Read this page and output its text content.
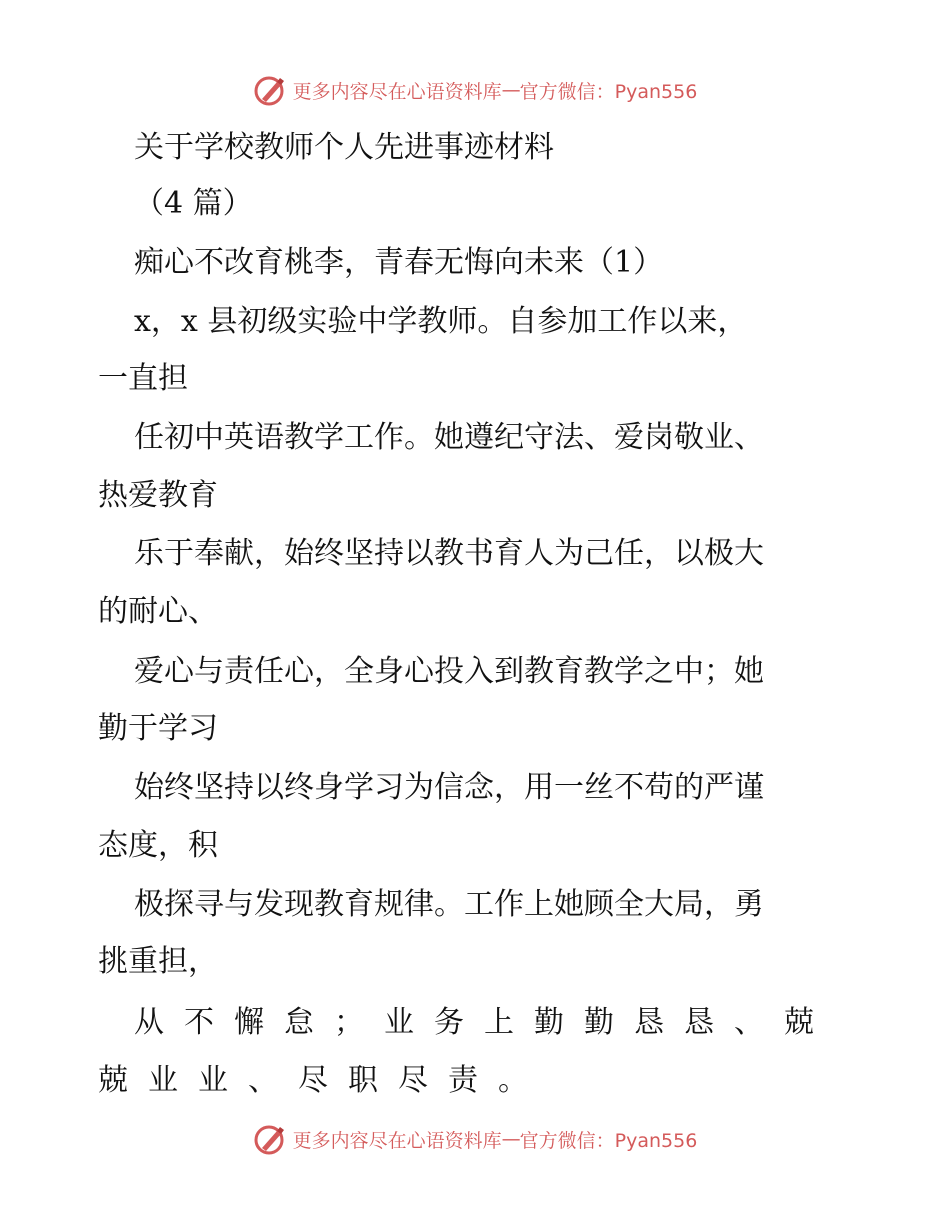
更多内容尽在心语资料库 — 官方微信：Pyan556
关于学校教师个人先进事迹材料
（4 篇）
痴心不改育桃李，青春无悔向未来（1）
x，x 县初级实验中学教师。自参加工作以来，
一直担
任初中英语教学工作。她遵纪守法、爱岗敬业、
热爱教育
乐于奉献，始终坚持以教书育人为己任，以极大
的耐心、
爱心与责任心，全身心投入到教育教学之中；她
勤于学习
始终坚持以终身学习为信念，用一丝不苟的严谨
态度，积
极探寻与发现教育规律。工作上她顾全大局，勇
挑重担，
从不懈怠；业务上勤勤恳恳、兢
兢业业、尽职尽责。
更多内容尽在心语资料库 — 官方微信：Pyan556
